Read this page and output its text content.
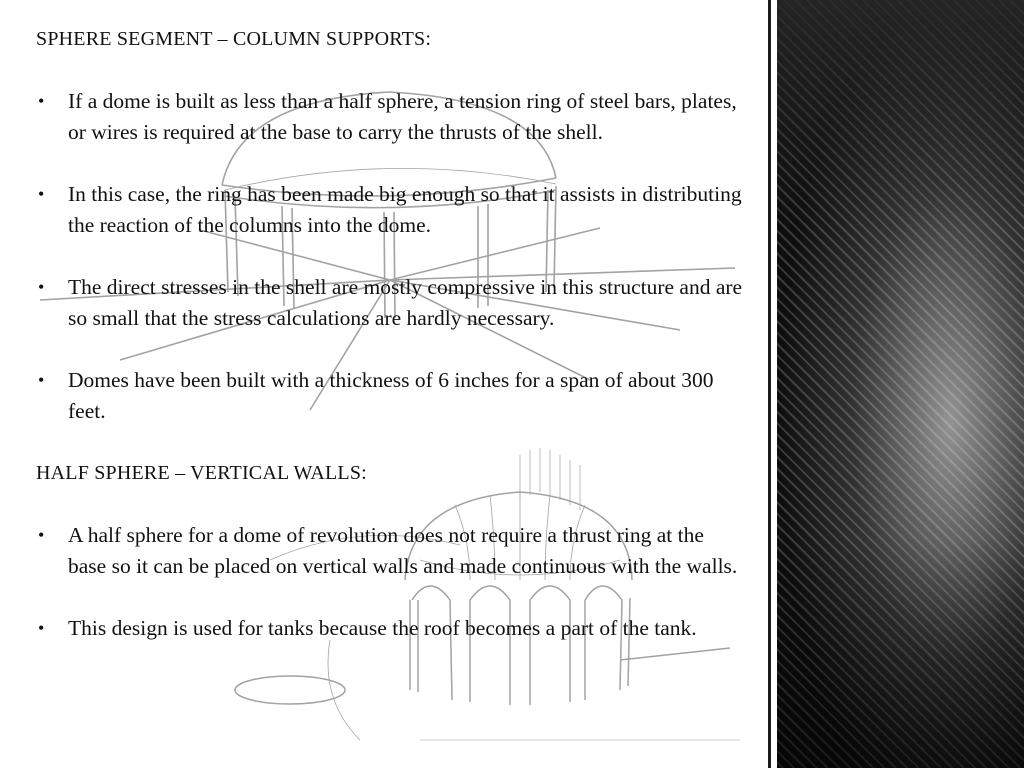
SPHERE SEGMENT – COLUMN SUPPORTS:
• If a dome is built as less than a half sphere, a tension ring of steel bars, plates, or wires is required at the base to carry the thrusts of the shell.
• In this case, the ring has been made big enough so that it assists in distributing the reaction of the columns into the dome.
• The direct stresses in the shell are mostly compressive in this structure and are so small that the stress calculations are hardly necessary.
• Domes have been built with a thickness of 6 inches for a span of about 300 feet.
HALF SPHERE – VERTICAL WALLS:
• A half sphere for a dome of revolution does not require a thrust ring at the base so it can be placed on vertical walls and made continuous with the walls.
• This design is used for tanks because the roof becomes a part of the tank.
